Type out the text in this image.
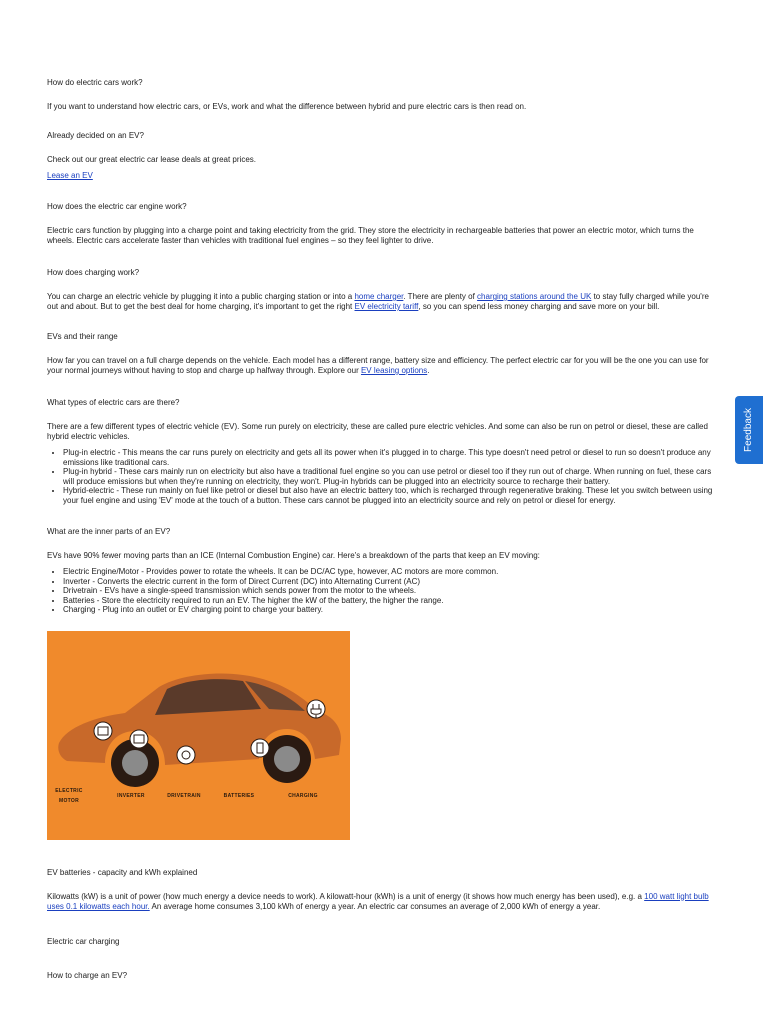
How do electric cars work?

If you want to understand how electric cars, or EVs, work and what the difference between hybrid and pure electric cars is then read on.

Already decided on an EV?

Check out our great electric car lease deals at great prices.

Lease an EV

How does the electric car engine work?

Electric cars function by plugging into a charge point and taking electricity from the grid. They store the electricity in rechargeable batteries that power an electric motor, which turns the wheels. Electric cars accelerate faster than vehicles with traditional fuel engines – so they feel lighter to drive.

How does charging work?

You can charge an electric vehicle by plugging it into a public charging station or into a home charger. There are plenty of charging stations around the UK to stay fully charged while you're out and about. But to get the best deal for home charging, it's important to get the right EV electricity tariff, so you can spend less money charging and save more on your bill.

EVs and their range

How far you can travel on a full charge depends on the vehicle. Each model has a different range, battery size and efficiency. The perfect electric car for you will be the one you can use for your normal journeys without having to stop and charge up halfway through. Explore our EV leasing options.

What types of electric cars are there?

There are a few different types of electric vehicle (EV). Some run purely on electricity, these are called pure electric vehicles. And some can also be run on petrol or diesel, these are called hybrid electric vehicles.

• Plug-in electric - This means the car runs purely on electricity and gets all its power when it's plugged in to charge. This type doesn't need petrol or diesel to run so doesn't produce any emissions like traditional cars.
• Plug-in hybrid - These cars mainly run on electricity but also have a traditional fuel engine so you can use petrol or diesel too if they run out of charge. When running on fuel, these cars will produce emissions but when they're running on electricity, they won't. Plug-in hybrids can be plugged into an electricity source to recharge their battery.
• Hybrid-electric - These run mainly on fuel like petrol or diesel but also have an electric battery too, which is recharged through regenerative braking. These let you switch between using your fuel engine and using 'EV' mode at the touch of a button. These cars cannot be plugged into an electricity source and rely on petrol or diesel for energy.
What are the inner parts of an EV?

EVs have 90% fewer moving parts than an ICE (Internal Combustion Engine) car. Here's a breakdown of the parts that keep an EV moving:

• Electric Engine/Motor - Provides power to rotate the wheels. It can be DC/AC type, however, AC motors are more common.
• Inverter - Converts the electric current in the form of Direct Current (DC) into Alternating Current (AC)
• Drivetrain - EVs have a single-speed transmission which sends power from the motor to the wheels.
• Batteries - Store the electricity required to run an EV. The higher the kW of the battery, the higher the range.
• Charging - Plug into an outlet or EV charging point to charge your battery.
ELECTRIC MOTOR
INVERTER	DRIVETRAIN	BATTERIES	CHARGING
EV batteries - capacity and kWh explained

Kilowatts (kW) is a unit of power (how much energy a device needs to work). A kilowatt-hour (kWh) is a unit of energy (it shows how much energy has been used), e.g. a 100 watt light bulb uses 0.1 kilowatts each hour. An average home consumes 3,100 kWh of energy a year. An electric car consumes an average of 2,000 kWh of energy a year.

Electric car charging
How to charge an EV?
Feedback
